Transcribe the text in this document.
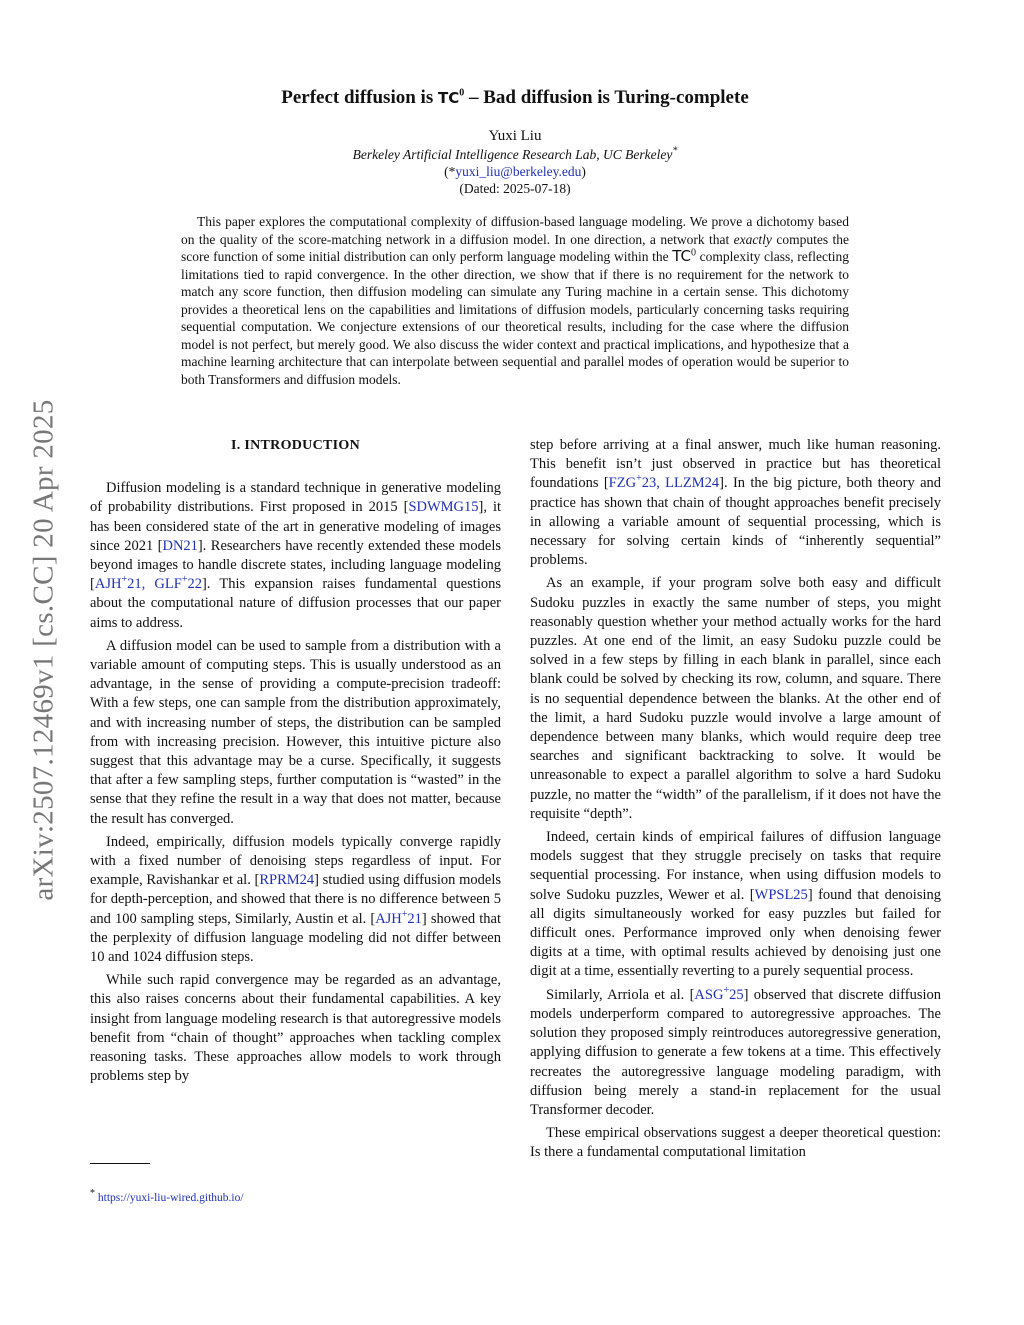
arXiv:2507.12469v1 [cs.CC] 20 Apr 2025
Perfect diffusion is $TC^0$ – Bad diffusion is Turing-complete
Yuxi Liu
Berkeley Artificial Intelligence Research Lab, UC Berkeley*
(*yuxi_liu@berkeley.edu)
(Dated: 2025-07-18)

This paper explores the computational complexity of diffusion-based language modeling. We prove a dichotomy based on the quality of the score-matching network in a diffusion model. In one direction, a network that exactly computes the score function of some initial distribution can only perform language modeling within the $TC^0$ complexity class, reflecting limitations tied to rapid convergence. In the other direction, we show that if there is no requirement for the network to match any score function, then diffusion modeling can simulate any Turing machine in a certain sense. This dichotomy provides a theoretical lens on the capabilities and limitations of diffusion models, particularly concerning tasks requiring sequential computation. We conjecture extensions of our theoretical results, including for the case where the diffusion model is not perfect, but merely good. We also discuss the wider context and practical implications, and hypothesize that a machine learning architecture that can interpolate between sequential and parallel modes of operation would be superior to both Transformers and diffusion models.

I. INTRODUCTION

Diffusion modeling is a standard technique in generative modeling of probability distributions. First proposed in 2015 [SDWMG15], it has been considered state of the art in generative modeling of images since 2021 [DN21]. Researchers have recently extended these models beyond images to handle discrete states, including language modeling [AJH+21, GLF+22]. This expansion raises fundamental questions about the computational nature of diffusion processes that our paper aims to address.

A diffusion model can be used to sample from a distribution with a variable amount of computing steps. This is usually understood as an advantage, in the sense of providing a compute-precision tradeoff: With a few steps, one can sample from the distribution approximately, and with increasing number of steps, the distribution can be sampled from with increasing precision. However, this intuitive picture also suggest that this advantage may be a curse. Specifically, it suggests that after a few sampling steps, further computation is “wasted” in the sense that they refine the result in a way that does not matter, because the result has converged.

Indeed, empirically, diffusion models typically converge rapidly with a fixed number of denoising steps regardless of input. For example, Ravishankar et al. [RPRM24] studied using diffusion models for depth-perception, and showed that there is no difference between 5 and 100 sampling steps, Similarly, Austin et al. [AJH+21] showed that the perplexity of diffusion language modeling did not differ between 10 and 1024 diffusion steps.

While such rapid convergence may be regarded as an advantage, this also raises concerns about their fundamental capabilities. A key insight from language modeling research is that autoregressive models benefit from “chain of thought” approaches when tackling complex reasoning tasks. These approaches allow models to work through problems step by

step before arriving at a final answer, much like human reasoning. This benefit isn’t just observed in practice but has theoretical foundations [FZG+23, LLZM24]. In the big picture, both theory and practice has shown that chain of thought approaches benefit precisely in allowing a variable amount of sequential processing, which is necessary for solving certain kinds of “inherently sequential” problems.

As an example, if your program solve both easy and difficult Sudoku puzzles in exactly the same number of steps, you might reasonably question whether your method actually works for the hard puzzles. At one end of the limit, an easy Sudoku puzzle could be solved in a few steps by filling in each blank in parallel, since each blank could be solved by checking its row, column, and square. There is no sequential dependence between the blanks. At the other end of the limit, a hard Sudoku puzzle would involve a large amount of dependence between many blanks, which would require deep tree searches and significant backtracking to solve. It would be unreasonable to expect a parallel algorithm to solve a hard Sudoku puzzle, no matter the “width” of the parallelism, if it does not have the requisite “depth”.

Indeed, certain kinds of empirical failures of diffusion language models suggest that they struggle precisely on tasks that require sequential processing. For instance, when using diffusion models to solve Sudoku puzzles, Wewer et al. [WPSL25] found that denoising all digits simultaneously worked for easy puzzles but failed for difficult ones. Performance improved only when denoising fewer digits at a time, with optimal results achieved by denoising just one digit at a time, essentially reverting to a purely sequential process.

Similarly, Arriola et al. [ASG+25] observed that discrete diffusion models underperform compared to autoregressive approaches. The solution they proposed simply reintroduces autoregressive generation, applying diffusion to generate a few tokens at a time. This effectively recreates the autoregressive language modeling paradigm, with diffusion being merely a stand-in replacement for the usual Transformer decoder.

These empirical observations suggest a deeper theoretical question: Is there a fundamental computational limitation

* https://yuxi-liu-wired.github.io/
